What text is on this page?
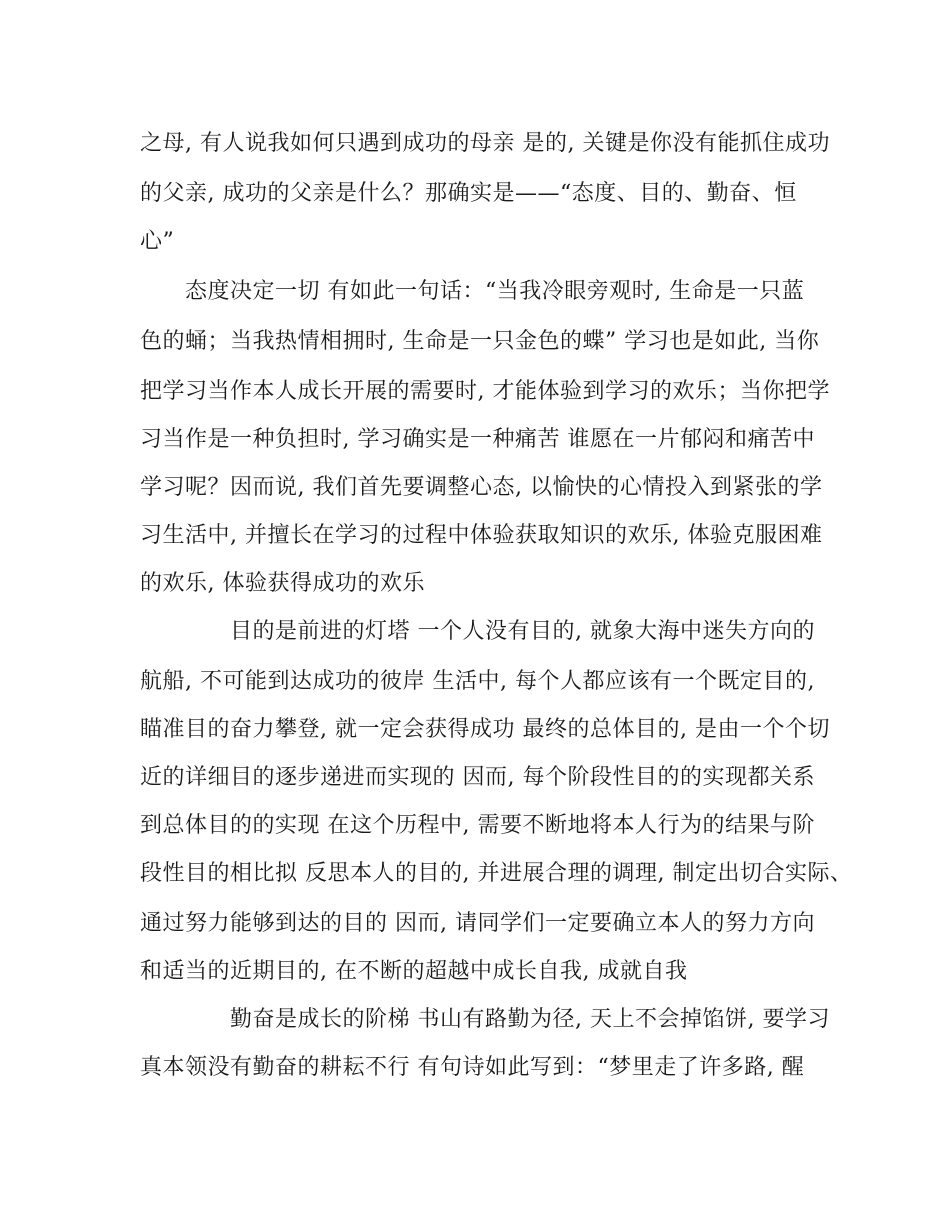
之母, 有人说我如何只遇到成功的母亲 是的, 关键是你没有能抓住成功
的父亲, 成功的父亲是什么？那确实是——“态度、目的、勤奋、恒
心”
态度决定一切 有如此一句话：“当我冷眼旁观时, 生命是一只蓝
色的蛹；当我热情相拥时, 生命是一只金色的蝶” 学习也是如此, 当你
把学习当作本人成长开展的需要时, 才能体验到学习的欢乐；当你把学
习当作是一种负担时, 学习确实是一种痛苦 谁愿在一片郁闷和痛苦中
学习呢？因而说, 我们首先要调整心态, 以愉快的心情投入到紧张的学
习生活中, 并擅长在学习的过程中体验获取知识的欢乐, 体验克服困难
的欢乐, 体验获得成功的欢乐
目的是前进的灯塔 一个人没有目的, 就象大海中迷失方向的
航船, 不可能到达成功的彼岸 生活中, 每个人都应该有一个既定目的,
瞄准目的奋力攀登, 就一定会获得成功 最终的总体目的, 是由一个个切
近的详细目的逐步递进而实现的 因而, 每个阶段性目的的实现都关系
到总体目的的实现 在这个历程中, 需要不断地将本人行为的结果与阶
段性目的相比拟 反思本人的目的, 并进展合理的调理, 制定出切合实际、
通过努力能够到达的目的 因而, 请同学们一定要确立本人的努力方向
和适当的近期目的, 在不断的超越中成长自我, 成就自我
勤奋是成长的阶梯 书山有路勤为径, 天上不会掉馅饼, 要学习
真本领没有勤奋的耕耘不行 有句诗如此写到：“梦里走了许多路, 醒
